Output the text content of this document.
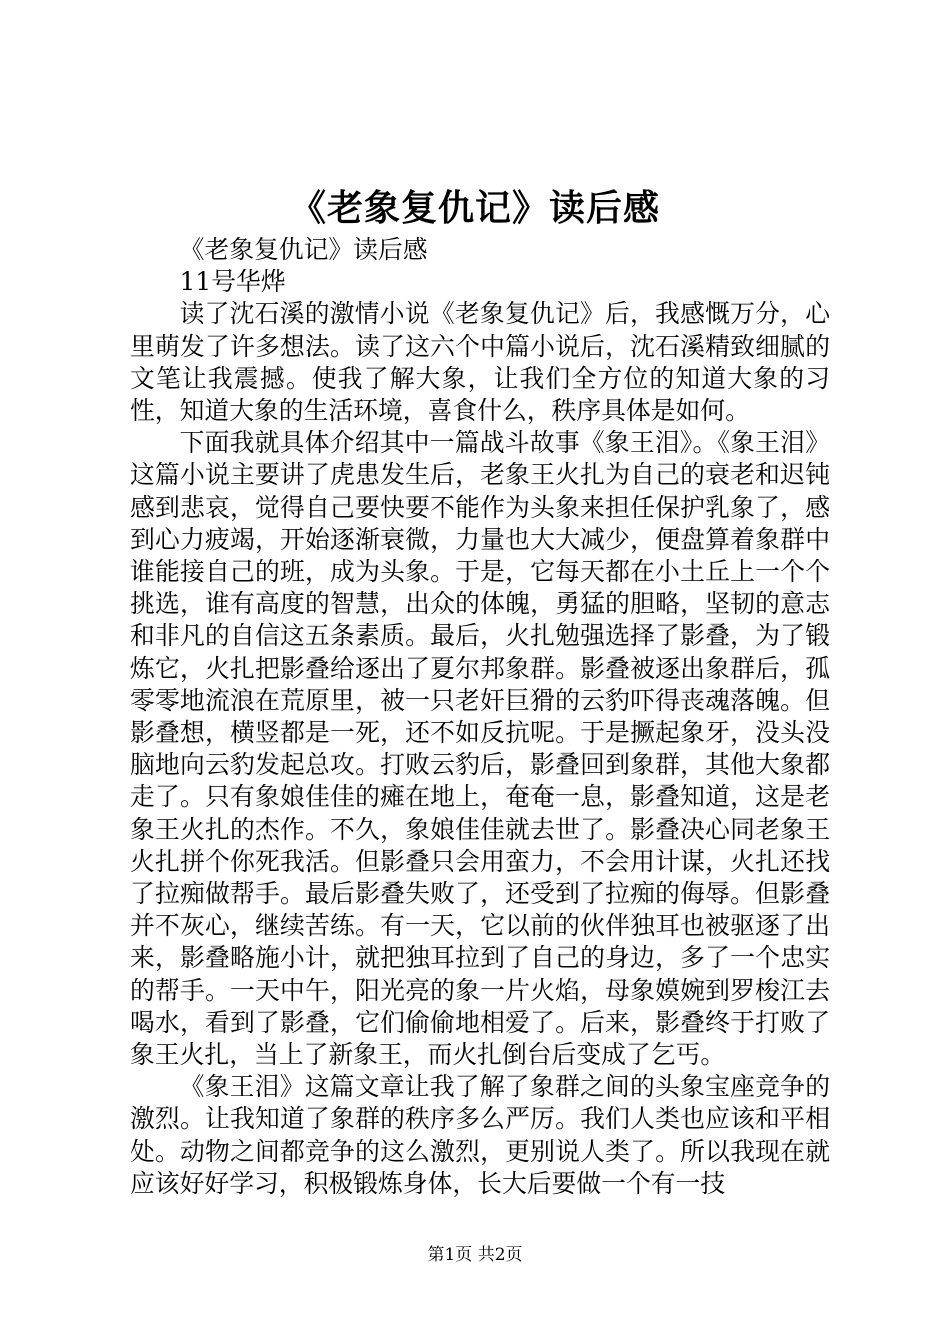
《老象复仇记》读后感

《老象复仇记》读后感

11号华烨

读了沈石溪的激情小说《老象复仇记》后，我感慨万分，心里萌发了许多想法。读了这六个中篇小说后，沈石溪精致细腻的文笔让我震撼。使我了解大象，让我们全方位的知道大象的习性，知道大象的生活环境，喜食什么，秩序具体是如何。

下面我就具体介绍其中一篇战斗故事《象王泪》。《象王泪》这篇小说主要讲了虎患发生后，老象王火扎为自己的衰老和迟钝感到悲哀，觉得自己要快要不能作为头象来担任保护乳象了，感到心力疲竭，开始逐渐衰微，力量也大大减少，便盘算着象群中谁能接自己的班，成为头象。于是，它每天都在小土丘上一个个挑选，谁有高度的智慧，出众的体魄，勇猛的胆略，坚韧的意志和非凡的自信这五条素质。最后，火扎勉强选择了影叠，为了锻炼它，火扎把影叠给逐出了夏尔邦象群。影叠被逐出象群后，孤零零地流浪在荒原里，被一只老奸巨猾的云豹吓得丧魂落魄。但影叠想，横竖都是一死，还不如反抗呢。于是撅起象牙，没头没脑地向云豹发起总攻。打败云豹后，影叠回到象群，其他大象都走了。只有象娘佳佳的瘫在地上，奄奄一息，影叠知道，这是老象王火扎的杰作。不久，象娘佳佳就去世了。影叠决心同老象王火扎拼个你死我活。但影叠只会用蛮力，不会用计谋，火扎还找了拉痴做帮手。最后影叠失败了，还受到了拉痴的侮辱。但影叠并不灰心，继续苦练。有一天，它以前的伙伴独耳也被驱逐了出来，影叠略施小计，就把独耳拉到了自己的身边，多了一个忠实的帮手。一天中午，阳光亮的象一片火焰，母象嫫婉到罗梭江去喝水，看到了影叠，它们偷偷地相爱了。后来，影叠终于打败了象王火扎，当上了新象王，而火扎倒台后变成了乞丐。

《象王泪》这篇文章让我了解了象群之间的头象宝座竞争的激烈。让我知道了象群的秩序多么严厉。我们人类也应该和平相处。动物之间都竞争的这么激烈，更别说人类了。所以我现在就应该好好学习，积极锻炼身体，长大后要做一个有一技

第1页 共2页
